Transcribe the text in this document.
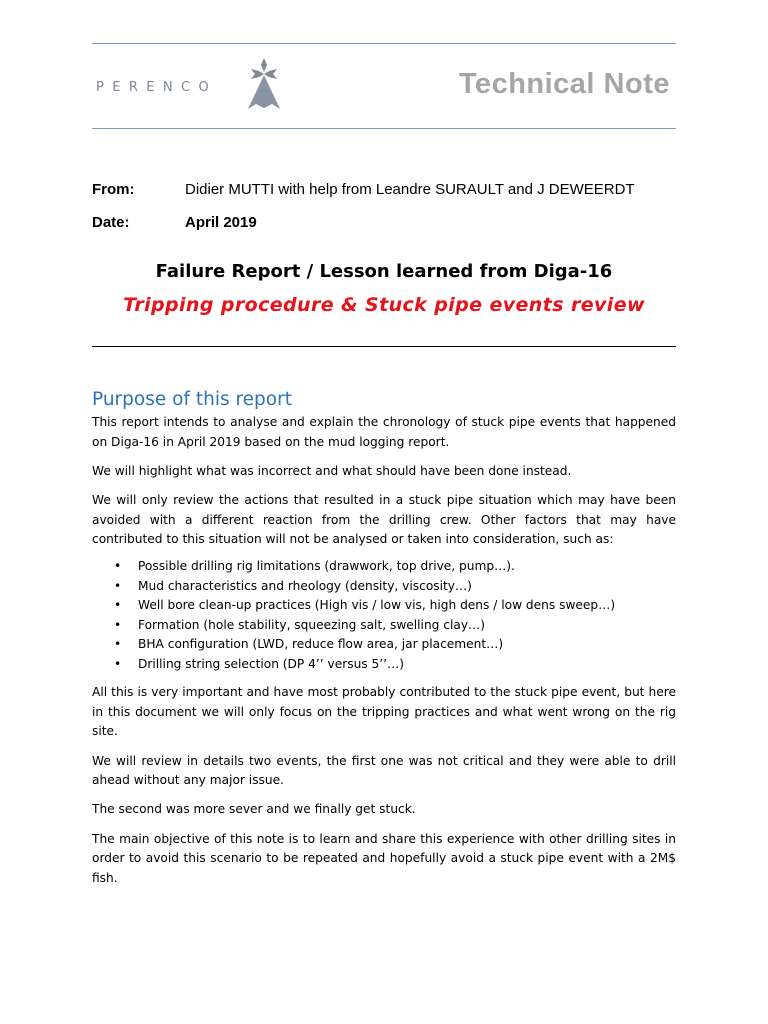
PERENCO	Technical Note
From:	Didier MUTTI with help from Leandre SURAULT and J DEWEERDT
Date:	April 2019
Failure Report / Lesson learned from Diga-16
Tripping procedure & Stuck pipe events review
Purpose of this report

This report intends to analyse and explain the chronology of stuck pipe events that happened on Diga-16 in April 2019 based on the mud logging report.

We will highlight what was incorrect and what should have been done instead.

We will only review the actions that resulted in a stuck pipe situation which may have been avoided with a different reaction from the drilling crew. Other factors that may have contributed to this situation will not be analysed or taken into consideration, such as:

• Possible drilling rig limitations (drawwork, top drive, pump…).
• Mud characteristics and rheology (density, viscosity…)
• Well bore clean-up practices (High vis / low vis, high dens / low dens sweep…)
• Formation (hole stability, squeezing salt, swelling clay…)
• BHA configuration (LWD, reduce flow area, jar placement…)
• Drilling string selection (DP 4’’ versus 5’’…)

All this is very important and have most probably contributed to the stuck pipe event, but here in this document we will only focus on the tripping practices and what went wrong on the rig site.

We will review in details two events, the first one was not critical and they were able to drill ahead without any major issue.

The second was more sever and we finally get stuck.

The main objective of this note is to learn and share this experience with other drilling sites in order to avoid this scenario to be repeated and hopefully avoid a stuck pipe event with a 2M$ fish.
